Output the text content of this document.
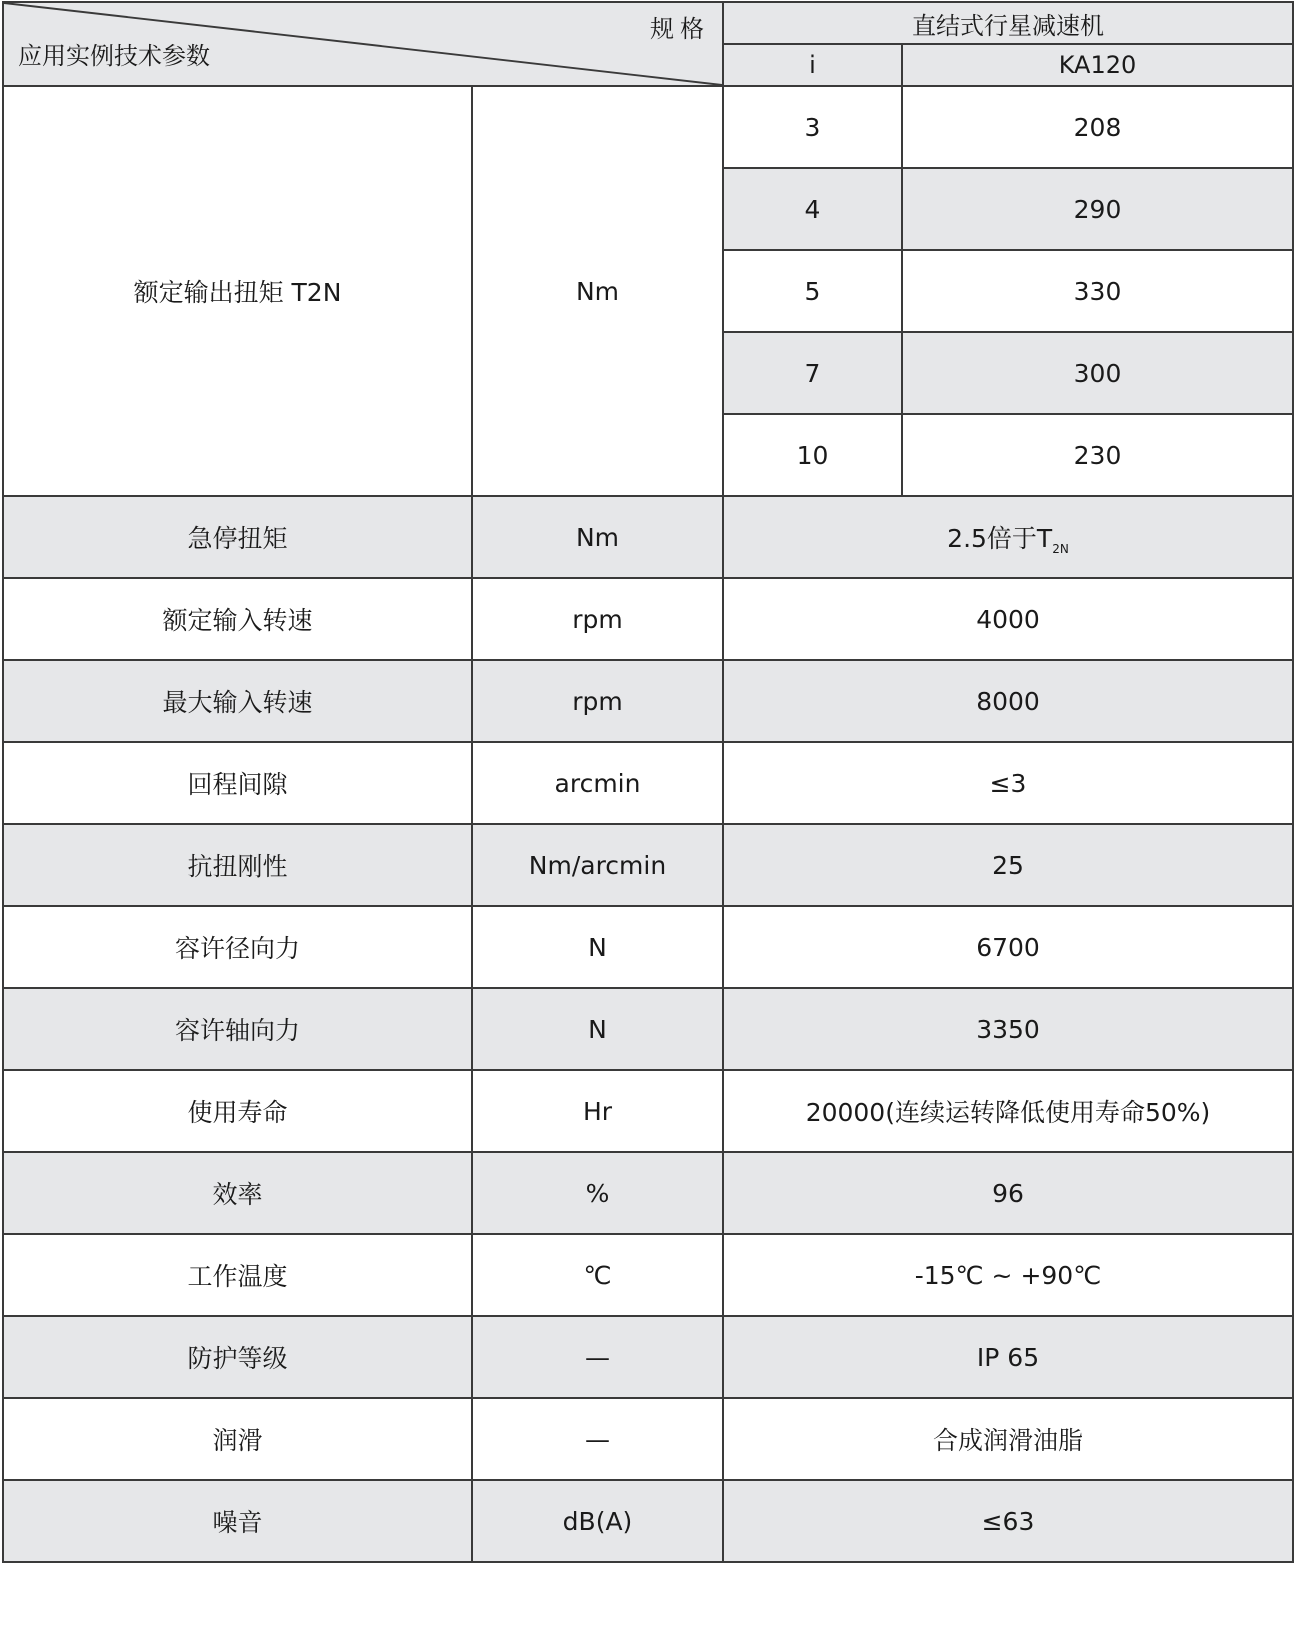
规格
应用实例技术参数		直结式行星减速机	
		i	KA120
额定输出扭矩 T2N	Nm	3	208
		4	290
		5	330
		7	300
		10	230
急停扭矩	Nm	2.5倍于$T_{2N}$
额定输入转速	rpm	4000	
最大输入转速	rpm	8000	
回程间隙	arcmin	≤3	
抗扭刚性	Nm/arcmin	25	
容许径向力	N	6700	
容许轴向力	N	3350	
使用寿命	Hr	20000(连续运转降低使用寿命50%)	
效率	%	96	
工作温度	℃	-15℃ ~ +90℃	
防护等级	—	IP 65	
润滑	—	合成润滑油脂	
噪音	dB(A)	≤63	
